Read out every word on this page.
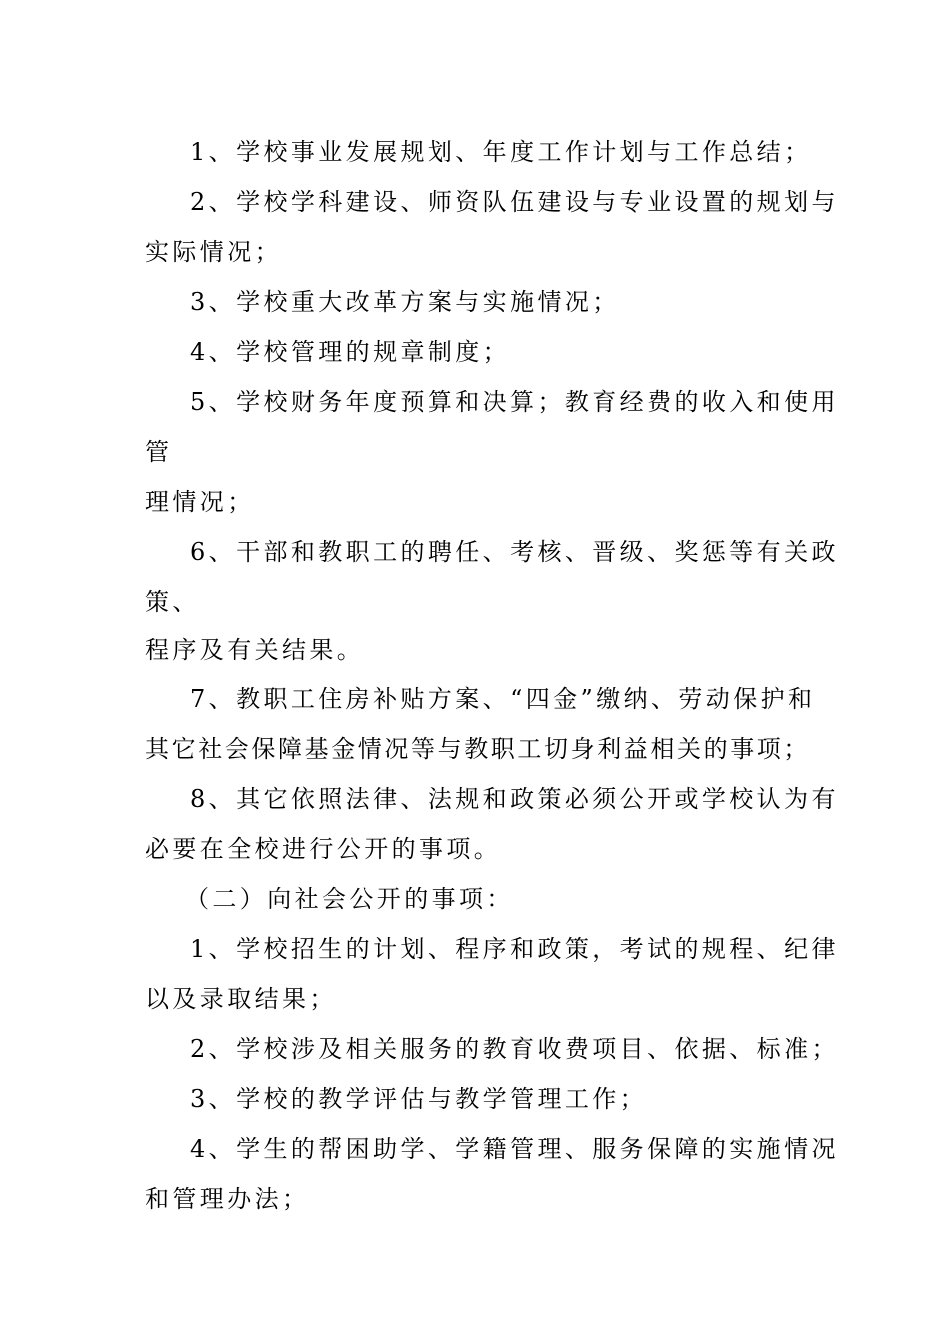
1、学校事业发展规划、年度工作计划与工作总结；
2、学校学科建设、师资队伍建设与专业设置的规划与
实际情况；
3、学校重大改革方案与实施情况；
4、学校管理的规章制度；
5、学校财务年度预算和决算；教育经费的收入和使用
管
理情况；
6、干部和教职工的聘任、考核、晋级、奖惩等有关政
策、
程序及有关结果。
7、教职工住房补贴方案、“四金”缴纳、劳动保护和
其它社会保障基金情况等与教职工切身利益相关的事项；
8、其它依照法律、法规和政策必须公开或学校认为有
必要在全校进行公开的事项。
（二）向社会公开的事项：
1、学校招生的计划、程序和政策，考试的规程、纪律
以及录取结果；
2、学校涉及相关服务的教育收费项目、依据、标准；
3、学校的教学评估与教学管理工作；
4、学生的帮困助学、学籍管理、服务保障的实施情况
和管理办法；
